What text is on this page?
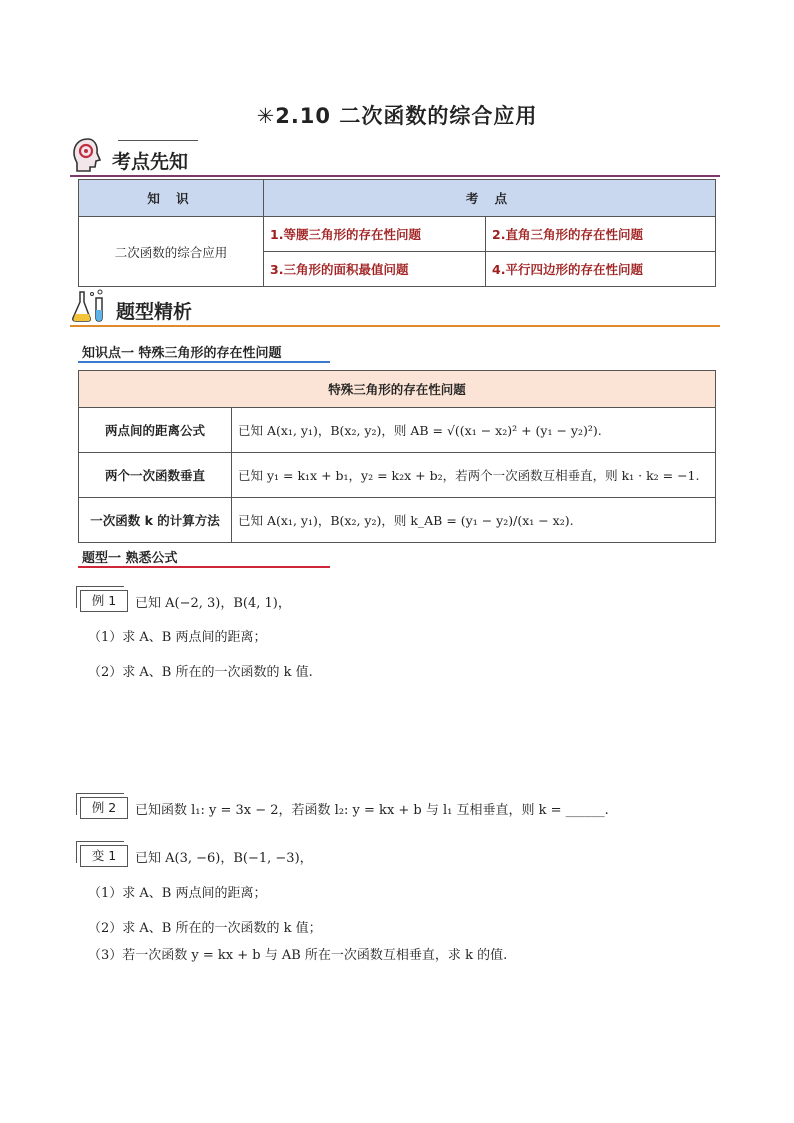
✳2.10 二次函数的综合应用
考点先知
知 识	考 点	
二次函数的综合应用	1.等腰三角形的存在性问题	2.直角三角形的存在性问题
	3.三角形的面积最值问题	4.平行四边形的存在性问题
题型精析
知识点一 特殊三角形的存在性问题
特殊三角形的存在性问题	
两点间的距离公式	已知 A(x₁, y₁)，B(x₂, y₂)，则 AB = √((x₁ − x₂)² + (y₁ − y₂)²).
两个一次函数垂直	已知 y₁ = k₁x + b₁，y₂ = k₂x + b₂，若两个一次函数互相垂直，则 k₁ · k₂ = −1.
一次函数 k 的计算方法	已知 A(x₁, y₁)，B(x₂, y₂)，则 k_AB = (y₁ − y₂)/(x₁ − x₂).
题型一 熟悉公式
例 1	已知 A(−2, 3)，B(4, 1)，
（1）求 A、B 两点间的距离；
（2）求 A、B 所在的一次函数的 k 值.
例 2	已知函数 l₁: y = 3x − 2，若函数 l₂: y = kx + b 与 l₁ 互相垂直，则 k = ______.
变 1	已知 A(3, −6)，B(−1, −3)，
（1）求 A、B 两点间的距离；
（2）求 A、B 所在的一次函数的 k 值；
（3）若一次函数 y = kx + b 与 AB 所在一次函数互相垂直，求 k 的值.
